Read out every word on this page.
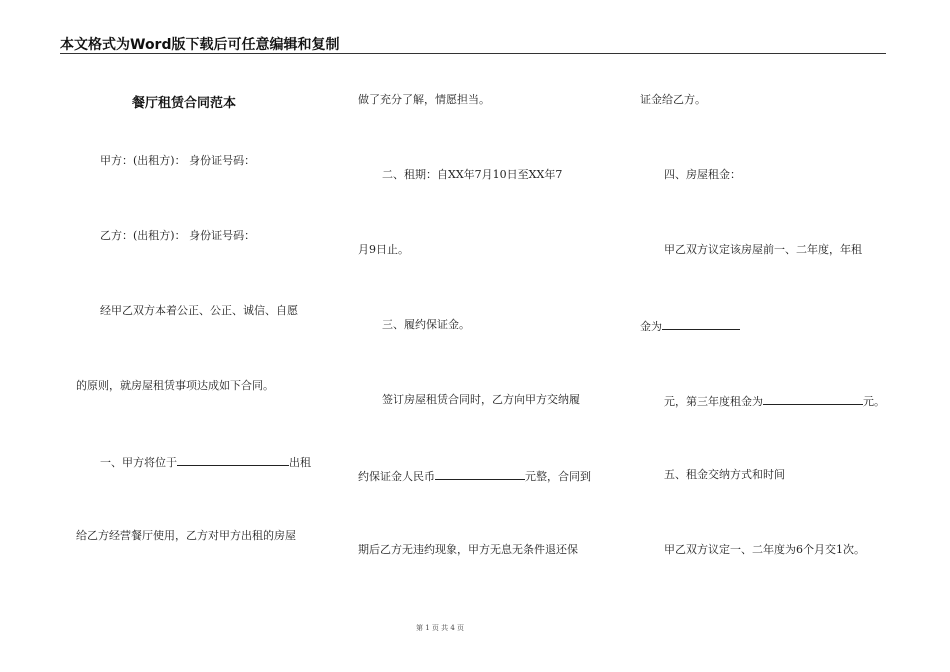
本文格式为Word版下载后可任意编辑和复制
餐厅租赁合同范本
甲方：(出租方)： 身份证号码：
乙方：(出租方)： 身份证号码：
经甲乙双方本着公正、公正、诚信、自愿
的原则，就房屋租赁事项达成如下合同。
一、甲方将位于	出租
给乙方经营餐厅使用，乙方对甲方出租的房屋
做了充分了解，情愿担当。
二、租期：自XX年7月10日至XX年7
月9日止。
三、履约保证金。
签订房屋租赁合同时，乙方向甲方交纳履
约保证金人民币	元整，合同到
期后乙方无违约现象，甲方无息无条件退还保
证金给乙方。
四、房屋租金：
甲乙双方议定该房屋前一、二年度，年租
金为
元，第三年度租金为	元。
五、租金交纳方式和时间
甲乙双方议定一、二年度为6个月交1次。
第 1 页 共 4 页
